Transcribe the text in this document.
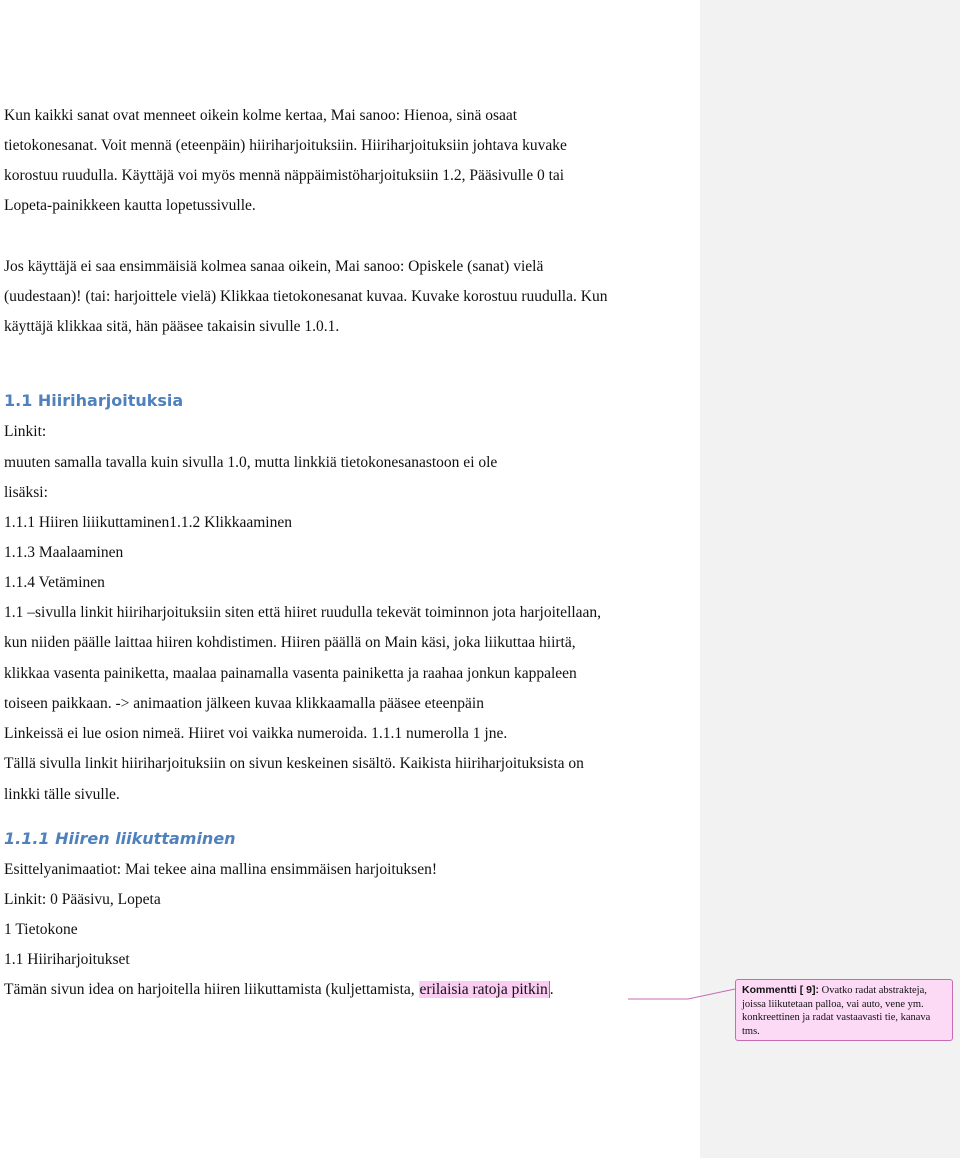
Kun kaikki sanat ovat menneet oikein kolme kertaa, Mai sanoo: Hienoa, sinä osaat
tietokonesanat. Voit mennä (eteenpäin) hiiriharjoituksiin. Hiiriharjoituksiin johtava kuvake
korostuu ruudulla. Käyttäjä voi myös mennä näppäimistöharjoituksiin 1.2, Pääsivulle 0 tai
Lopeta-painikkeen kautta lopetussivulle.
Jos käyttäjä ei saa ensimmäisiä kolmea sanaa oikein, Mai sanoo: Opiskele (sanat) vielä
(uudestaan)! (tai: harjoittele vielä) Klikkaa tietokonesanat kuvaa. Kuvake korostuu ruudulla. Kun
käyttäjä klikkaa sitä, hän pääsee takaisin sivulle 1.0.1.
1.1 Hiiriharjoituksia
Linkit:
muuten samalla tavalla kuin sivulla 1.0, mutta linkkiä tietokonesanastoon ei ole
lisäksi:
1.1.1 Hiiren liiikuttaminen1.1.2 Klikkaaminen
1.1.3 Maalaaminen
1.1.4 Vetäminen
1.1 –sivulla linkit hiiriharjoituksiin siten että hiiret ruudulla tekevät toiminnon jota harjoitellaan,
kun niiden päälle laittaa hiiren kohdistimen. Hiiren päällä on Main käsi, joka liikuttaa hiirtä,
klikkaa vasenta painiketta, maalaa painamalla vasenta painiketta ja raahaa jonkun kappaleen
toiseen paikkaan. -> animaation jälkeen kuvaa klikkaamalla pääsee eteenpäin
Linkeissä ei lue osion nimeä. Hiiret voi vaikka numeroida. 1.1.1 numerolla 1 jne.
Tällä sivulla linkit hiiriharjoituksiin on sivun keskeinen sisältö. Kaikista hiiriharjoituksista on
linkki tälle sivulle.
1.1.1 Hiiren liikuttaminen
Esittelyanimaatiot: Mai tekee aina mallina ensimmäisen harjoituksen!
Linkit: 0 Pääsivu, Lopeta
1 Tietokone
1.1 Hiiriharjoitukset
Tämän sivun idea on harjoitella hiiren liikuttamista (kuljettamista, erilaisia ratoja pitkin .	Kommentti [ 9]: Ovatko radat abstrakteja, joissa liikutetaan palloa, vai auto, vene ym. konkreettinen ja radat vastaavasti tie, kanava tms.
